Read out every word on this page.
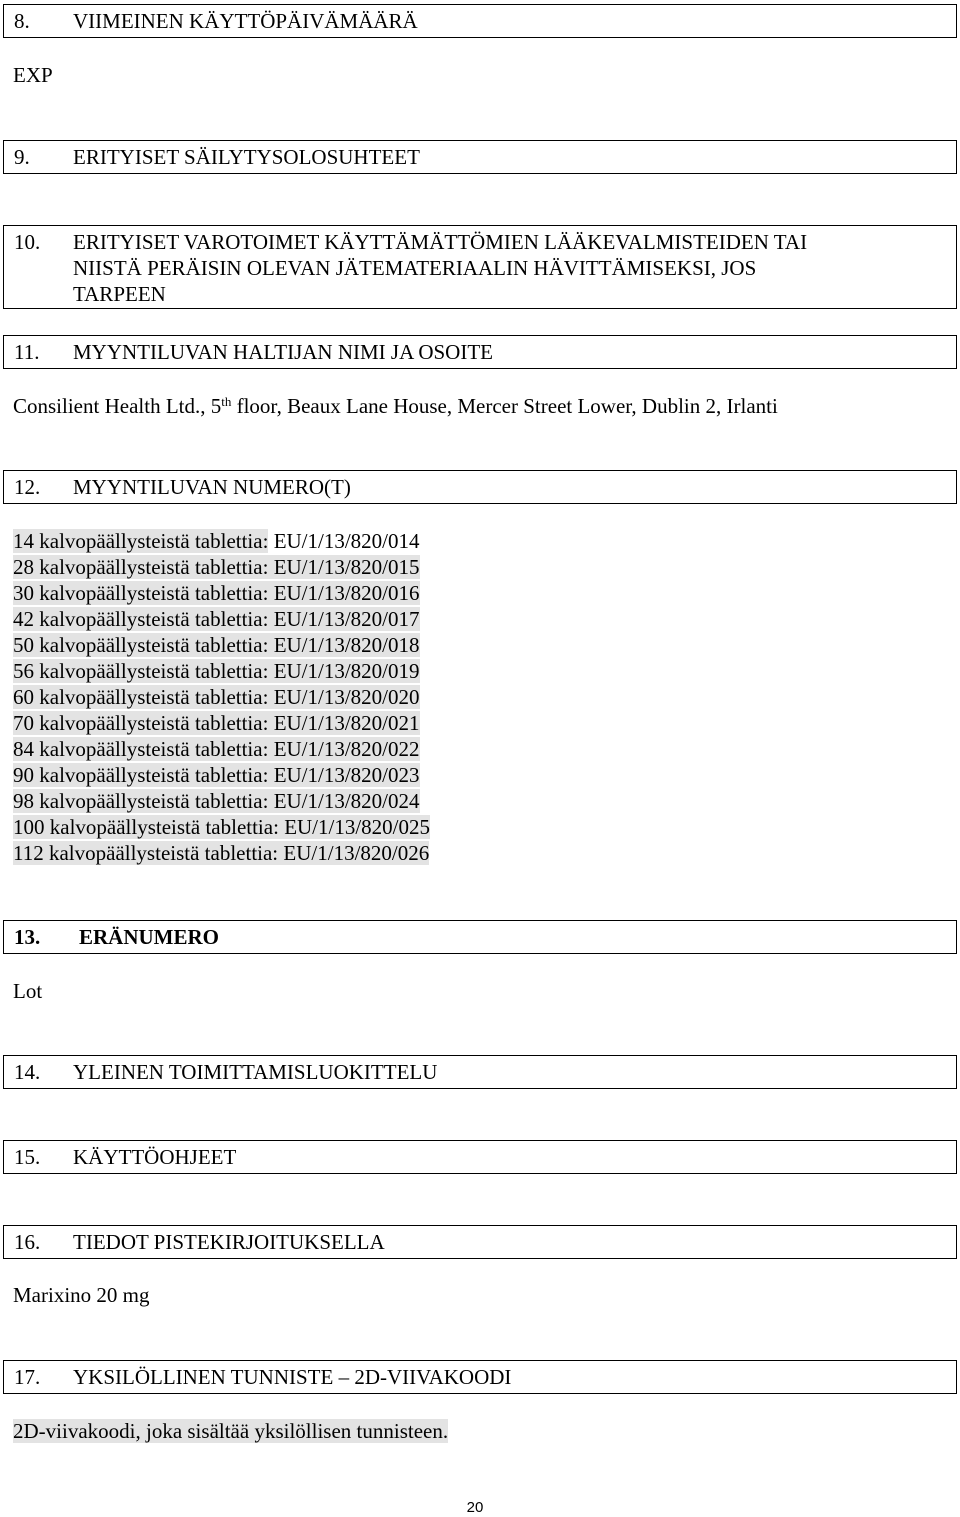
8. VIIMEINEN KÄYTTÖPÄIVÄMÄÄRÄ
EXP
9. ERITYISET SÄILYTYSOLOSUHTEET
10. ERITYISET VAROTOIMET KÄYTTÄMÄTTÖMIEN LÄÄKEVALMISTEIDEN TAI
NIISTÄ PERÄISIN OLEVAN JÄTEMATERIAALIN HÄVITTÄMISEKSI, JOS
TARPEEN
11. MYYNTILUVAN HALTIJAN NIMI JA OSOITE
Consilient Health Ltd., 5th floor, Beaux Lane House, Mercer Street Lower, Dublin 2, Irlanti
12. MYYNTILUVAN NUMERO(T)
14 kalvopäällysteistä tablettia: EU/1/13/820/014
28 kalvopäällysteistä tablettia: EU/1/13/820/015
30 kalvopäällysteistä tablettia: EU/1/13/820/016
42 kalvopäällysteistä tablettia: EU/1/13/820/017
50 kalvopäällysteistä tablettia: EU/1/13/820/018
56 kalvopäällysteistä tablettia: EU/1/13/820/019
60 kalvopäällysteistä tablettia: EU/1/13/820/020
70 kalvopäällysteistä tablettia: EU/1/13/820/021
84 kalvopäällysteistä tablettia: EU/1/13/820/022
90 kalvopäällysteistä tablettia: EU/1/13/820/023
98 kalvopäällysteistä tablettia: EU/1/13/820/024
100 kalvopäällysteistä tablettia: EU/1/13/820/025
112 kalvopäällysteistä tablettia: EU/1/13/820/026
13. ERÄNUMERO
Lot
14. YLEINEN TOIMITTAMISLUOKITTELU
15. KÄYTTÖOHJEET
16. TIEDOT PISTEKIRJOITUKSELLA
Marixino 20 mg
17. YKSILÖLLINEN TUNNISTE – 2D-VIIVAKOODI
2D-viivakoodi, joka sisältää yksilöllisen tunnisteen.
20
